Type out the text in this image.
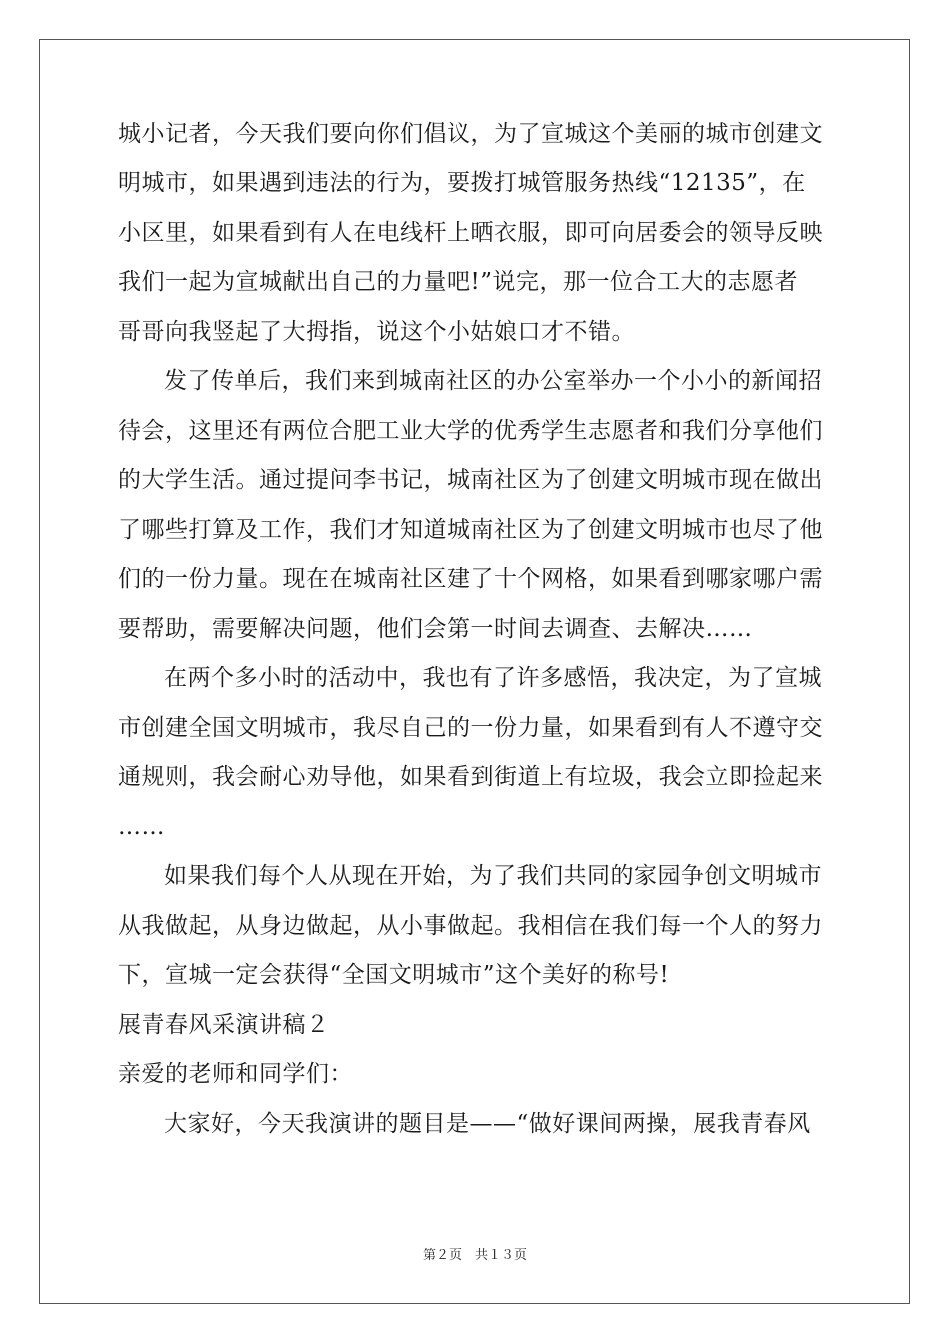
城小记者，今天我们要向你们倡议，为了宣城这个美丽的城市创建文
明城市，如果遇到违法的行为，要拨打城管服务热线“12135”，在
小区里，如果看到有人在电线杆上晒衣服，即可向居委会的领导反映
我们一起为宣城献出自己的力量吧!”说完，那一位合工大的志愿者
哥哥向我竖起了大拇指，说这个小姑娘口才不错。
发了传单后，我们来到城南社区的办公室举办一个小小的新闻招
待会，这里还有两位合肥工业大学的优秀学生志愿者和我们分享他们
的大学生活。通过提问李书记，城南社区为了创建文明城市现在做出
了哪些打算及工作，我们才知道城南社区为了创建文明城市也尽了他
们的一份力量。现在在城南社区建了十个网格，如果看到哪家哪户需
要帮助，需要解决问题，他们会第一时间去调查、去解决……
在两个多小时的活动中，我也有了许多感悟，我决定，为了宣城
市创建全国文明城市，我尽自己的一份力量，如果看到有人不遵守交
通规则，我会耐心劝导他，如果看到街道上有垃圾，我会立即捡起来
……
如果我们每个人从现在开始，为了我们共同的家园争创文明城市
从我做起，从身边做起，从小事做起。我相信在我们每一个人的努力
下，宣城一定会获得“全国文明城市”这个美好的称号!
展青春风采演讲稿２
亲爱的老师和同学们：
大家好，今天我演讲的题目是——“做好课间两操，展我青春风
第２页　共１３页
